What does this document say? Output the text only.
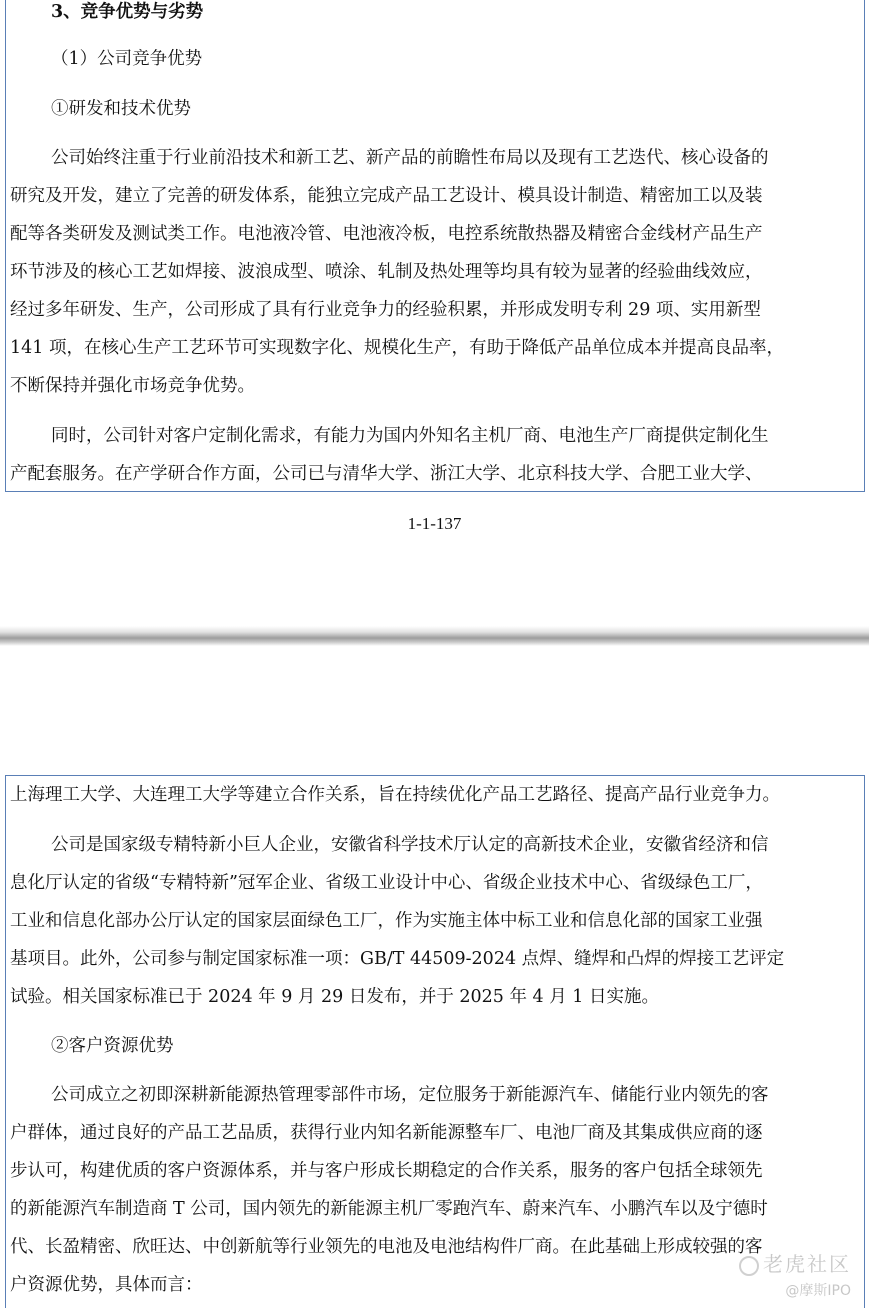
3、竞争优势与劣势
（1）公司竞争优势
①研发和技术优势
公司始终注重于行业前沿技术和新工艺、新产品的前瞻性布局以及现有工艺迭代、核心设备的
研究及开发，建立了完善的研发体系，能独立完成产品工艺设计、模具设计制造、精密加工以及装
配等各类研发及测试类工作。电池液冷管、电池液冷板，电控系统散热器及精密合金线材产品生产
环节涉及的核心工艺如焊接、波浪成型、喷涂、轧制及热处理等均具有较为显著的经验曲线效应，
经过多年研发、生产，公司形成了具有行业竞争力的经验积累，并形成发明专利 29 项、实用新型
141 项，在核心生产工艺环节可实现数字化、规模化生产，有助于降低产品单位成本并提高良品率，
不断保持并强化市场竞争优势。
同时，公司针对客户定制化需求，有能力为国内外知名主机厂商、电池生产厂商提供定制化生
产配套服务。在产学研合作方面，公司已与清华大学、浙江大学、北京科技大学、合肥工业大学、
1-1-137
上海理工大学、大连理工大学等建立合作关系，旨在持续优化产品工艺路径、提高产品行业竞争力。
公司是国家级专精特新小巨人企业，安徽省科学技术厅认定的高新技术企业，安徽省经济和信
息化厅认定的省级“专精特新”冠军企业、省级工业设计中心、省级企业技术中心、省级绿色工厂，
工业和信息化部办公厅认定的国家层面绿色工厂，作为实施主体中标工业和信息化部的国家工业强
基项目。此外，公司参与制定国家标准一项：GB/T 44509-2024 点焊、缝焊和凸焊的焊接工艺评定
试验。相关国家标准已于 2024 年 9 月 29 日发布，并于 2025 年 4 月 1 日实施。
②客户资源优势
公司成立之初即深耕新能源热管理零部件市场，定位服务于新能源汽车、储能行业内领先的客
户群体，通过良好的产品工艺品质，获得行业内知名新能源整车厂、电池厂商及其集成供应商的逐
步认可，构建优质的客户资源体系，并与客户形成长期稳定的合作关系，服务的客户包括全球领先
的新能源汽车制造商 T 公司，国内领先的新能源主机厂零跑汽车、蔚来汽车、小鹏汽车以及宁德时
代、长盈精密、欣旺达、中创新航等行业领先的电池及电池结构件厂商。在此基础上形成较强的客
户资源优势，具体而言：
老虎社区
@摩斯IPO
